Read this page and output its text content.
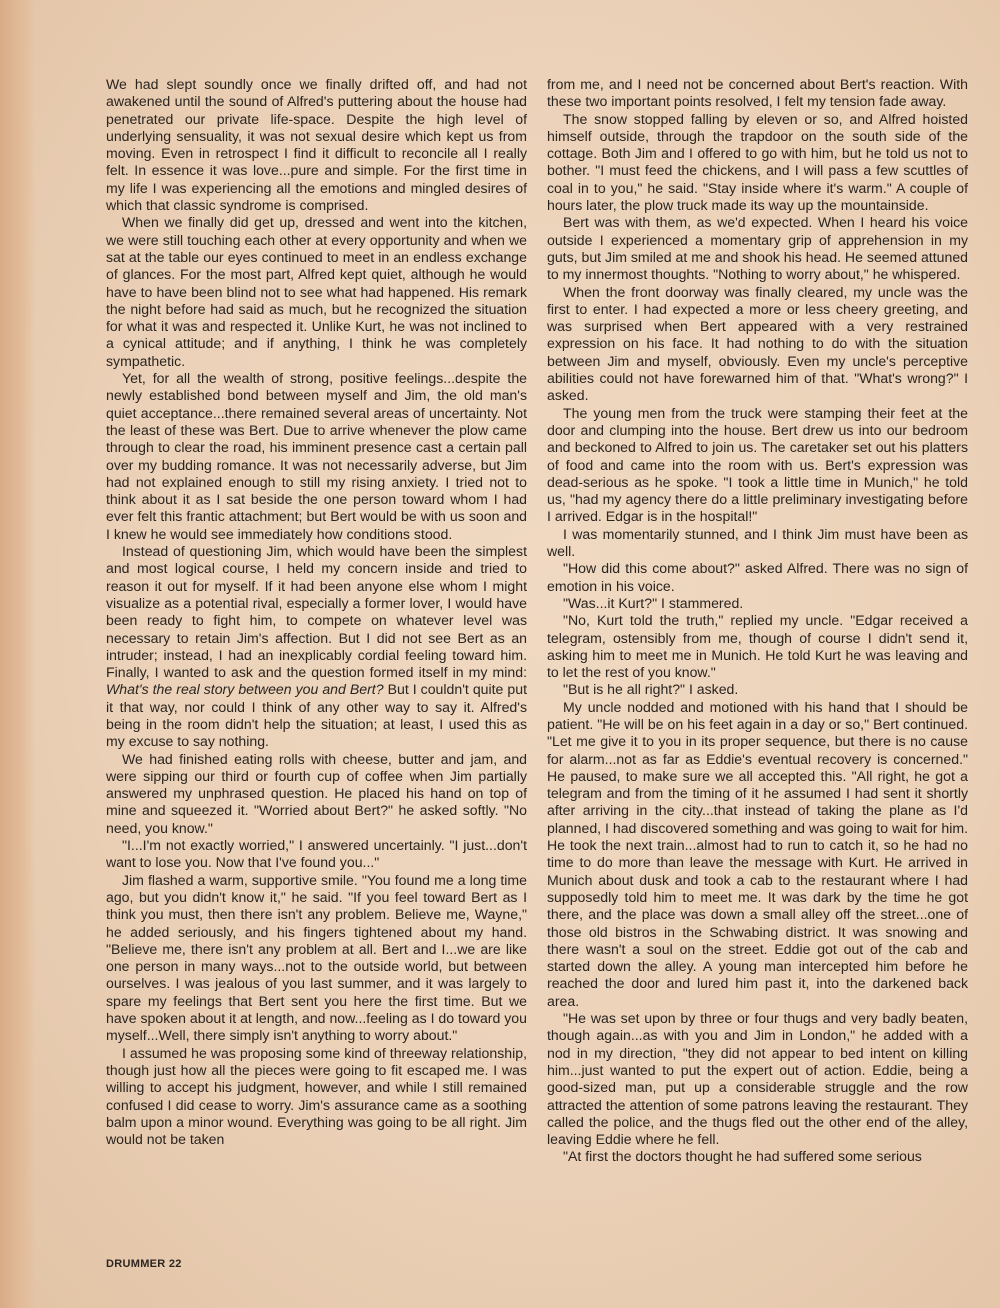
We had slept soundly once we finally drifted off, and had not awakened until the sound of Alfred's puttering about the house had penetrated our private life-space. Despite the high level of underlying sensuality, it was not sexual desire which kept us from moving. Even in retrospect I find it difficult to reconcile all I really felt. In essence it was love...pure and simple. For the first time in my life I was experiencing all the emotions and mingled desires of which that classic syndrome is comprised.

When we finally did get up, dressed and went into the kitchen, we were still touching each other at every opportunity and when we sat at the table our eyes continued to meet in an endless exchange of glances. For the most part, Alfred kept quiet, although he would have to have been blind not to see what had happened. His remark the night before had said as much, but he recognized the situation for what it was and respected it. Unlike Kurt, he was not inclined to a cynical attitude; and if anything, I think he was completely sympathetic.

Yet, for all the wealth of strong, positive feelings...despite the newly established bond between myself and Jim, the old man's quiet acceptance...there remained several areas of uncertainty. Not the least of these was Bert. Due to arrive whenever the plow came through to clear the road, his imminent presence cast a certain pall over my budding romance. It was not necessarily adverse, but Jim had not explained enough to still my rising anxiety. I tried not to think about it as I sat beside the one person toward whom I had ever felt this frantic attachment; but Bert would be with us soon and I knew he would see immediately how conditions stood.

Instead of questioning Jim, which would have been the simplest and most logical course, I held my concern inside and tried to reason it out for myself. If it had been anyone else whom I might visualize as a potential rival, especially a former lover, I would have been ready to fight him, to compete on whatever level was necessary to retain Jim's affection. But I did not see Bert as an intruder; instead, I had an inexplicably cordial feeling toward him. Finally, I wanted to ask and the question formed itself in my mind: What's the real story between you and Bert? But I couldn't quite put it that way, nor could I think of any other way to say it. Alfred's being in the room didn't help the situation; at least, I used this as my excuse to say nothing.

We had finished eating rolls with cheese, butter and jam, and were sipping our third or fourth cup of coffee when Jim partially answered my unphrased question. He placed his hand on top of mine and squeezed it. "Worried about Bert?" he asked softly. "No need, you know."

"I...I'm not exactly worried," I answered uncertainly. "I just...don't want to lose you. Now that I've found you..."

Jim flashed a warm, supportive smile. "You found me a long time ago, but you didn't know it," he said. "If you feel toward Bert as I think you must, then there isn't any problem. Believe me, Wayne," he added seriously, and his fingers tightened about my hand. "Believe me, there isn't any problem at all. Bert and I...we are like one person in many ways...not to the outside world, but between ourselves. I was jealous of you last summer, and it was largely to spare my feelings that Bert sent you here the first time. But we have spoken about it at length, and now...feeling as I do toward you myself...Well, there simply isn't anything to worry about."

I assumed he was proposing some kind of threeway relationship, though just how all the pieces were going to fit escaped me. I was willing to accept his judgment, however, and while I still remained confused I did cease to worry. Jim's assurance came as a soothing balm upon a minor wound. Everything was going to be all right. Jim would not be taken

from me, and I need not be concerned about Bert's reaction. With these two important points resolved, I felt my tension fade away.

The snow stopped falling by eleven or so, and Alfred hoisted himself outside, through the trapdoor on the south side of the cottage. Both Jim and I offered to go with him, but he told us not to bother. "I must feed the chickens, and I will pass a few scuttles of coal in to you," he said. "Stay inside where it's warm." A couple of hours later, the plow truck made its way up the mountainside.

Bert was with them, as we'd expected. When I heard his voice outside I experienced a momentary grip of apprehension in my guts, but Jim smiled at me and shook his head. He seemed attuned to my innermost thoughts. "Nothing to worry about," he whispered.

When the front doorway was finally cleared, my uncle was the first to enter. I had expected a more or less cheery greeting, and was surprised when Bert appeared with a very restrained expression on his face. It had nothing to do with the situation between Jim and myself, obviously. Even my uncle's perceptive abilities could not have forewarned him of that. "What's wrong?" I asked.

The young men from the truck were stamping their feet at the door and clumping into the house. Bert drew us into our bedroom and beckoned to Alfred to join us. The caretaker set out his platters of food and came into the room with us. Bert's expression was dead-serious as he spoke. "I took a little time in Munich," he told us, "had my agency there do a little preliminary investigating before I arrived. Edgar is in the hospital!"

I was momentarily stunned, and I think Jim must have been as well.

"How did this come about?" asked Alfred. There was no sign of emotion in his voice.

"Was...it Kurt?" I stammered.

"No, Kurt told the truth," replied my uncle. "Edgar received a telegram, ostensibly from me, though of course I didn't send it, asking him to meet me in Munich. He told Kurt he was leaving and to let the rest of you know."

"But is he all right?" I asked.

My uncle nodded and motioned with his hand that I should be patient. "He will be on his feet again in a day or so," Bert continued. "Let me give it to you in its proper sequence, but there is no cause for alarm...not as far as Eddie's eventual recovery is concerned." He paused, to make sure we all accepted this. "All right, he got a telegram and from the timing of it he assumed I had sent it shortly after arriving in the city...that instead of taking the plane as I'd planned, I had discovered something and was going to wait for him. He took the next train...almost had to run to catch it, so he had no time to do more than leave the message with Kurt. He arrived in Munich about dusk and took a cab to the restaurant where I had supposedly told him to meet me. It was dark by the time he got there, and the place was down a small alley off the street...one of those old bistros in the Schwabing district. It was snowing and there wasn't a soul on the street. Eddie got out of the cab and started down the alley. A young man intercepted him before he reached the door and lured him past it, into the darkened back area.

"He was set upon by three or four thugs and very badly beaten, though again...as with you and Jim in London," he added with a nod in my direction, "they did not appear to bed intent on killing him...just wanted to put the expert out of action. Eddie, being a good-sized man, put up a considerable struggle and the row attracted the attention of some patrons leaving the restaurant. They called the police, and the thugs fled out the other end of the alley, leaving Eddie where he fell.

"At first the doctors thought he had suffered some serious

DRUMMER 22
